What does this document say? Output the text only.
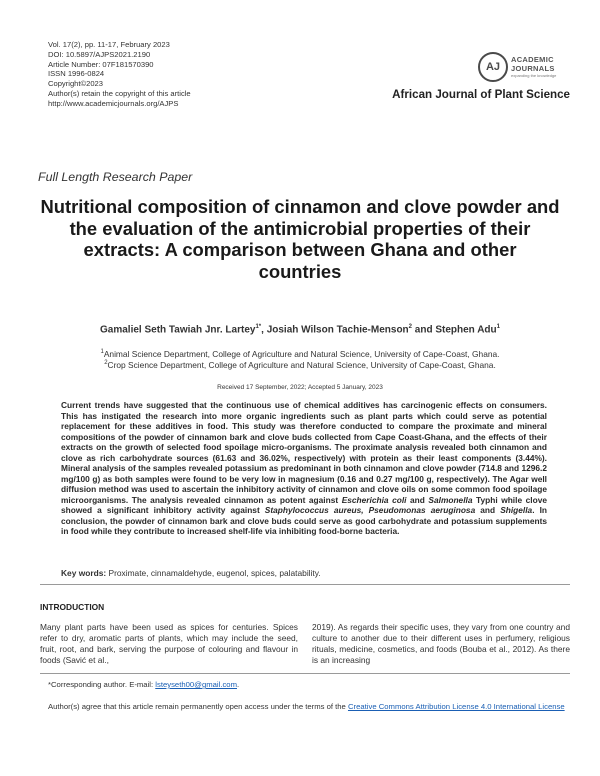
Vol. 17(2), pp. 11-17, February 2023
DOI: 10.5897/AJPS2021.2190
Article Number: 07F181570390
ISSN 1996-0824
Copyright©2023
Author(s) retain the copyright of this article
http://www.academicjournals.org/AJPS
AJ
ACADEMIC
JOURNALS
expanding the knowledge
African Journal of Plant Science
Full Length Research Paper
Nutritional composition of cinnamon and clove powder and the evaluation of the antimicrobial properties of their extracts: A comparison between Ghana and other countries
Gamaliel Seth Tawiah Jnr. Lartey$^{1*}$, Josiah Wilson Tachie-Menson$^2$ and Stephen Adu$^1$
$^1$Animal Science Department, College of Agriculture and Natural Science, University of Cape-Coast, Ghana.
$^2$Crop Science Department, College of Agriculture and Natural Science, University of Cape-Coast, Ghana.
Received 17 September, 2022; Accepted 5 January, 2023
Current trends have suggested that the continuous use of chemical additives has carcinogenic effects on consumers. This has instigated the research into more organic ingredients such as plant parts which could serve as potential replacement for these additives in food. This study was therefore conducted to compare the proximate and mineral compositions of the powder of cinnamon bark and clove buds collected from Cape Coast-Ghana, and the effects of their extracts on the growth of selected food spoilage micro-organisms. The proximate analysis revealed both cinnamon and clove as rich carbohydrate sources (61.63 and 36.02%, respectively) with protein as their least components (3.44%). Mineral analysis of the samples revealed potassium as predominant in both cinnamon and clove powder (714.8 and 1296.2 mg/100 g) as both samples were found to be very low in magnesium (0.16 and 0.27 mg/100 g, respectively). The Agar well diffusion method was used to ascertain the inhibitory activity of cinnamon and clove oils on some common food spoilage microorganisms. The analysis revealed cinnamon as potent against Escherichia coli and Salmonella Typhi while clove showed a significant inhibitory activity against Staphylococcus aureus, Pseudomonas aeruginosa and Shigella. In conclusion, the powder of cinnamon bark and clove buds could serve as good carbohydrate and potassium supplements in food while they contribute to increased shelf-life via inhibiting food-borne bacteria.
Key words: Proximate, cinnamaldehyde, eugenol, spices, palatability.
INTRODUCTION
Many plant parts have been used as spices for centuries. Spices refer to dry, aromatic parts of plants, which may include the seed, fruit, root, and bark, serving the purpose of colouring and flavour in foods (Savić et al.,
2019). As regards their specific uses, they vary from one country and culture to another due to their different uses in perfumery, religious rituals, medicine, cosmetics, and foods (Bouba et al., 2012). As there is an increasing
*Corresponding author. E-mail: lsteyseth00@gmail.com.
Author(s) agree that this article remain permanently open access under the terms of the Creative Commons Attribution License 4.0 International License
